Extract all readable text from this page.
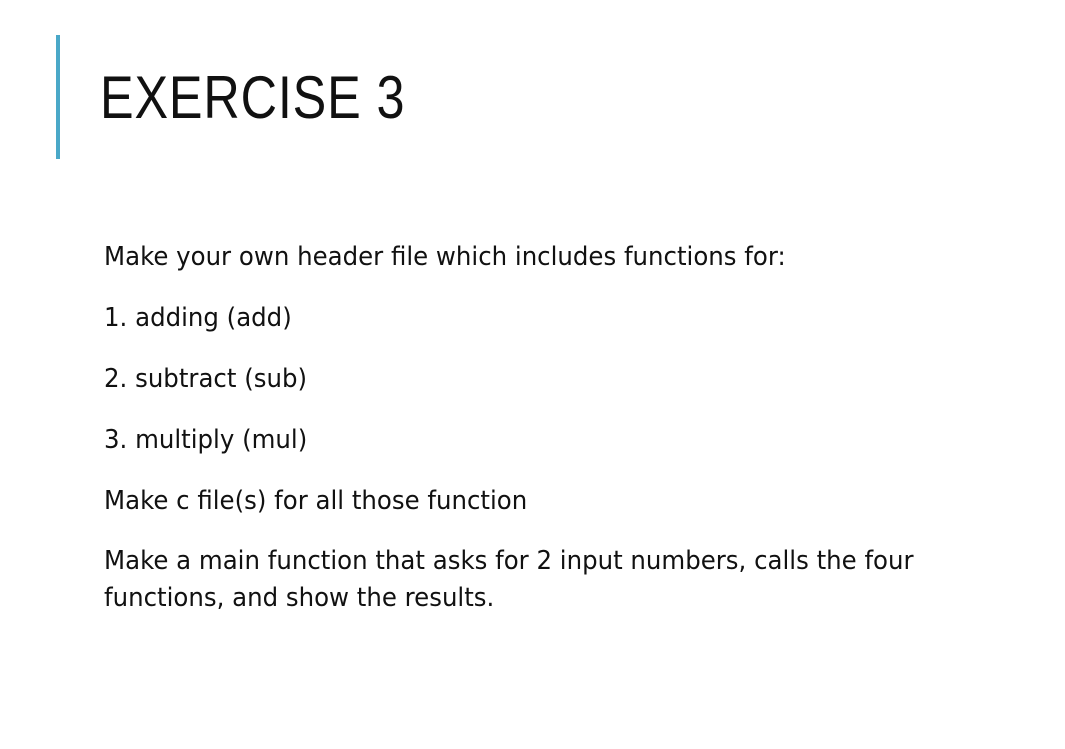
EXERCISE 3
Make your own header file which includes functions for:
1. adding (add)
2. subtract (sub)
3. multiply (mul)
Make c file(s) for all those function
Make a main function that asks for 2 input numbers, calls the four functions, and show the results.
